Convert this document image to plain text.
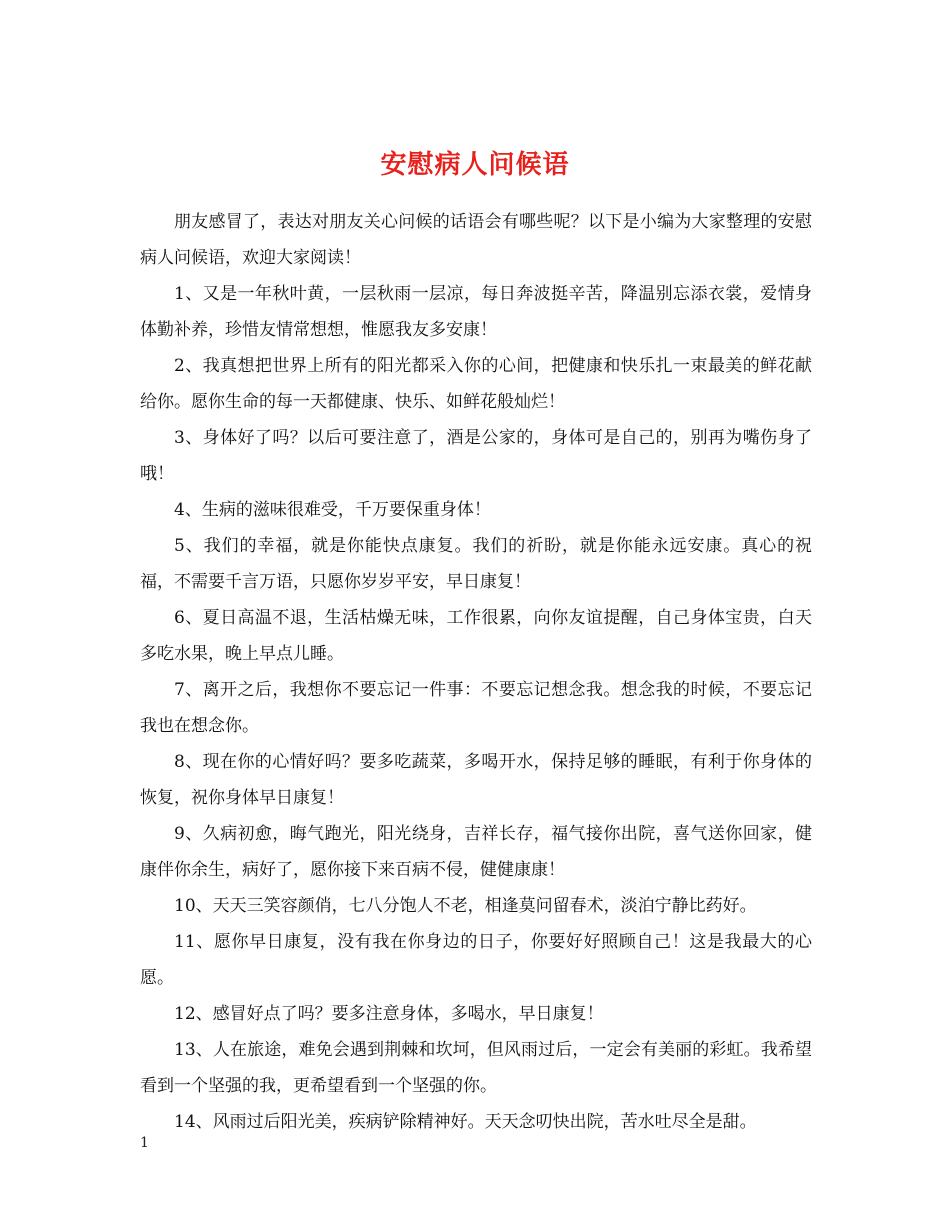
安慰病人问候语

朋友感冒了，表达对朋友关心问候的话语会有哪些呢？以下是小编为大家整理的安慰病人问候语，欢迎大家阅读！

1、又是一年秋叶黄，一层秋雨一层凉，每日奔波挺辛苦，降温别忘添衣裳，爱情身体勤补养，珍惜友情常想想，惟愿我友多安康！

2、我真想把世界上所有的阳光都采入你的心间，把健康和快乐扎一束最美的鲜花献给你。愿你生命的每一天都健康、快乐、如鲜花般灿烂！

3、身体好了吗？以后可要注意了，酒是公家的，身体可是自己的，别再为嘴伤身了哦！

4、生病的滋味很难受，千万要保重身体！

5、我们的幸福，就是你能快点康复。我们的祈盼，就是你能永远安康。真心的祝福，不需要千言万语，只愿你岁岁平安，早日康复！

6、夏日高温不退，生活枯燥无味，工作很累，向你友谊提醒，自己身体宝贵，白天多吃水果，晚上早点儿睡。

7、离开之后，我想你不要忘记一件事：不要忘记想念我。想念我的时候，不要忘记我也在想念你。

8、现在你的心情好吗？要多吃蔬菜，多喝开水，保持足够的睡眠，有利于你身体的恢复，祝你身体早日康复！

9、久病初愈，晦气跑光，阳光绕身，吉祥长存，福气接你出院，喜气送你回家，健康伴你余生，病好了，愿你接下来百病不侵，健健康康！

10、天天三笑容颜俏，七八分饱人不老，相逢莫问留春术，淡泊宁静比药好。

11、愿你早日康复，没有我在你身边的日子，你要好好照顾自己！这是我最大的心愿。

12、感冒好点了吗？要多注意身体，多喝水，早日康复！

13、人在旅途，难免会遇到荆棘和坎坷，但风雨过后，一定会有美丽的彩虹。我希望看到一个坚强的我，更希望看到一个坚强的你。

14、风雨过后阳光美，疾病铲除精神好。天天念叨快出院，苦水吐尽全是甜。

1
